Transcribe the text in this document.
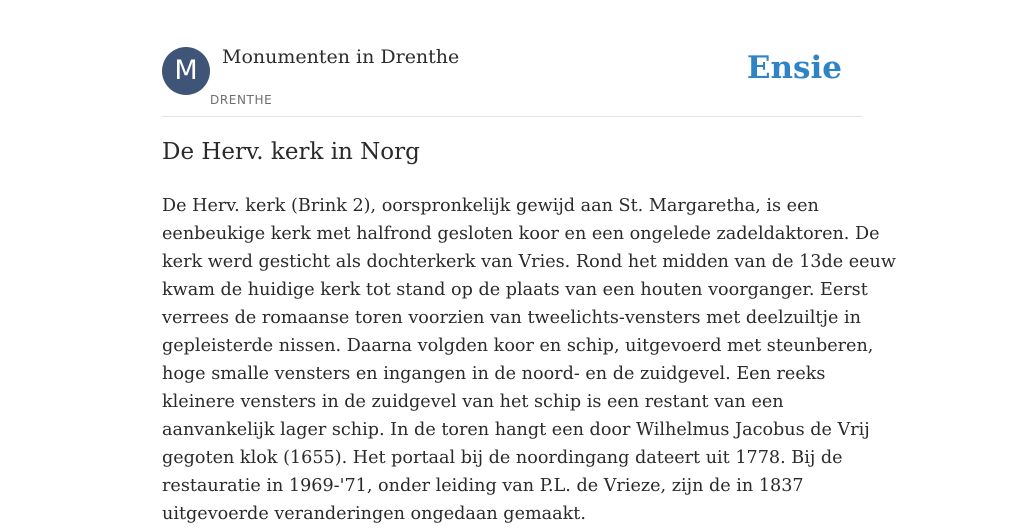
M	Monumenten in Drenthe
DRENTHE
Ensie
De Herv. kerk in Norg
De Herv. kerk (Brink 2), oorspronkelijk gewijd aan St. Margaretha, is een
eenbeukige kerk met halfrond gesloten koor en een ongelede zadeldaktoren. De
kerk werd gesticht als dochterkerk van Vries. Rond het midden van de 13de eeuw
kwam de huidige kerk tot stand op de plaats van een houten voorganger. Eerst
verrees de romaanse toren voorzien van tweelichts-vensters met deelzuiltje in
gepleisterde nissen. Daarna volgden koor en schip, uitgevoerd met steunberen,
hoge smalle vensters en ingangen in de noord- en de zuidgevel. Een reeks
kleinere vensters in de zuidgevel van het schip is een restant van een
aanvankelijk lager schip. In de toren hangt een door Wilhelmus Jacobus de Vrij
gegoten klok (1655). Het portaal bij de noordingang dateert uit 1778. Bij de
restauratie in 1969-'71, onder leiding van P.L. de Vrieze, zijn de in 1837
uitgevoerde veranderingen ongedaan gemaakt.
